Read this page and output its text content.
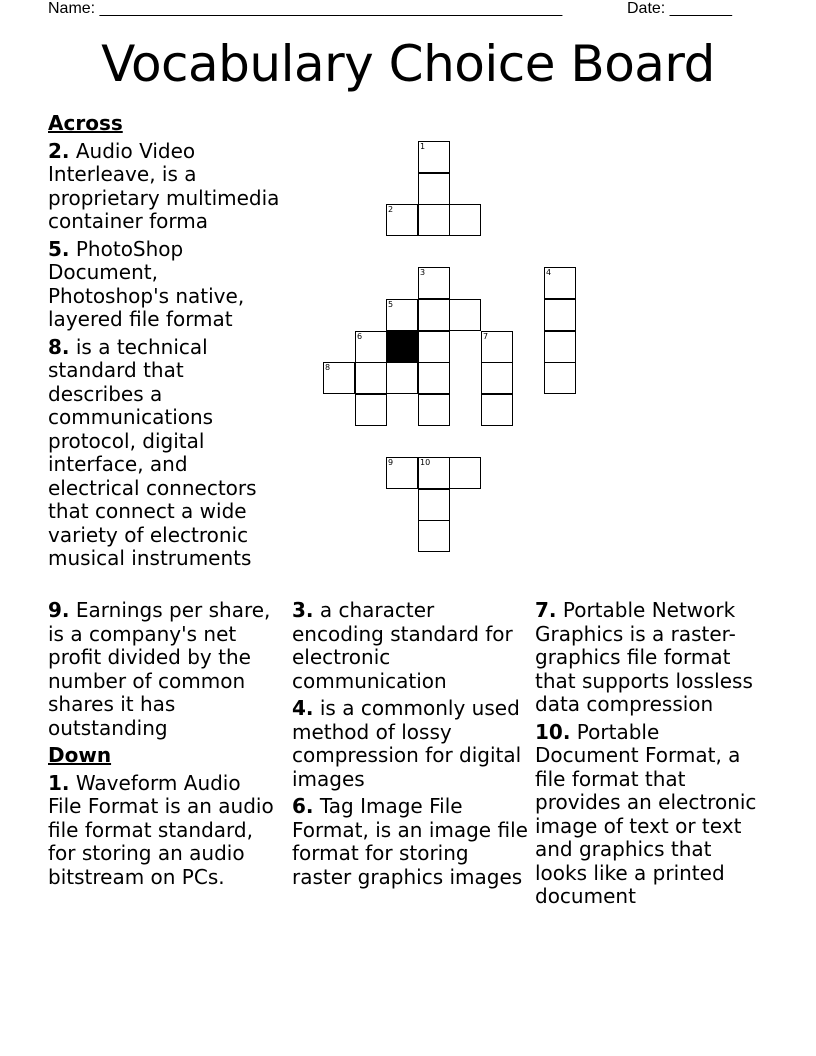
Name: ____________________________________________________	Date: _______
Vocabulary Choice Board
1
2
3	4
5
6	7
8
9	10
Across
2. Audio Video Interleave, is a proprietary multimedia container forma
5. PhotoShop Document, Photoshop's native, layered file format
8. is a technical standard that describes a communications protocol, digital interface, and electrical connectors that connect a wide variety of electronic musical instruments
9. Earnings per share, is a company's net profit divided by the number of common shares it has outstanding
Down
1. Waveform Audio File Format is an audio file format standard, for storing an audio bitstream on PCs.
3. a character encoding standard for electronic communication
4. is a commonly used method of lossy compression for digital images
6. Tag Image File Format, is an image file format for storing raster graphics images
7. Portable Network Graphics is a raster-graphics file format that supports lossless data compression
10. Portable Document Format, a file format that provides an electronic image of text or text and graphics that looks like a printed document
